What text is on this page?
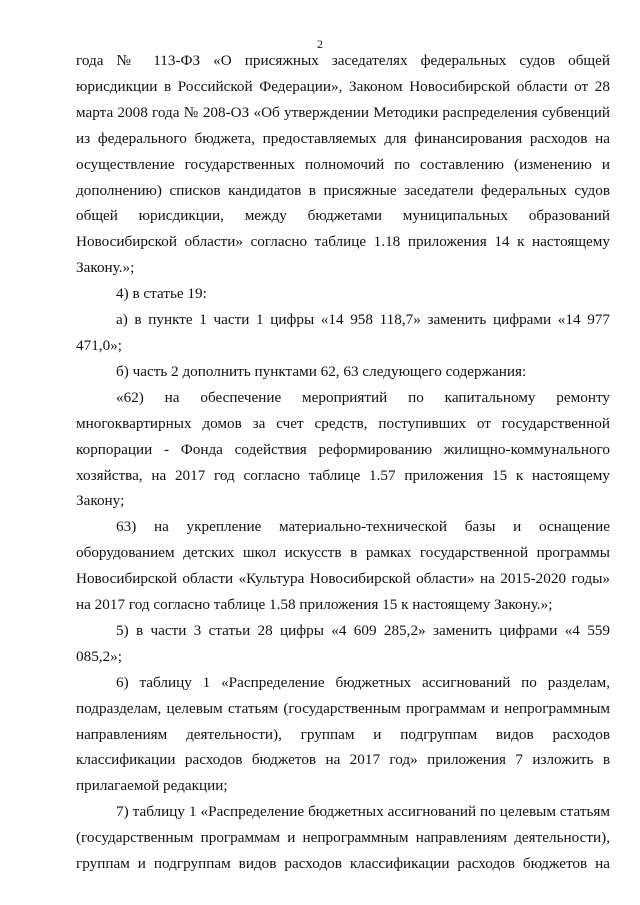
2

года № 113-ФЗ «О присяжных заседателях федеральных судов общей юрисдикции в Российской Федерации», Законом Новосибирской области от 28 марта 2008 года № 208-ОЗ «Об утверждении Методики распределения субвенций из федерального бюджета, предоставляемых для финансирования расходов на осуществление государственных полномочий по составлению (изменению и дополнению) списков кандидатов в присяжные заседатели федеральных судов общей юрисдикции, между бюджетами муниципальных образований Новосибирской области» согласно таблице 1.18 приложения 14 к настоящему Закону.»;

4) в статье 19:

а) в пункте 1 части 1 цифры «14 958 118,7» заменить цифрами «14 977 471,0»;

б) часть 2 дополнить пунктами 62, 63 следующего содержания:

«62) на обеспечение мероприятий по капитальному ремонту многоквартирных домов за счет средств, поступивших от государственной корпорации - Фонда содействия реформированию жилищно-коммунального хозяйства, на 2017 год согласно таблице 1.57 приложения 15 к настоящему Закону;

63) на укрепление материально-технической базы и оснащение оборудованием детских школ искусств в рамках государственной программы Новосибирской области «Культура Новосибирской области» на 2015-2020 годы» на 2017 год согласно таблице 1.58 приложения 15 к настоящему Закону.»;

5) в части 3 статьи 28 цифры «4 609 285,2» заменить цифрами «4 559 085,2»;

6) таблицу 1 «Распределение бюджетных ассигнований по разделам, подразделам, целевым статьям (государственным программам и непрограммным направлениям деятельности), группам и подгруппам видов расходов классификации расходов бюджетов на 2017 год» приложения 7 изложить в прилагаемой редакции;

7) таблицу 1 «Распределение бюджетных ассигнований по целевым статьям (государственным программам и непрограммным направлениям деятельности), группам и подгруппам видов расходов классификации расходов бюджетов на
